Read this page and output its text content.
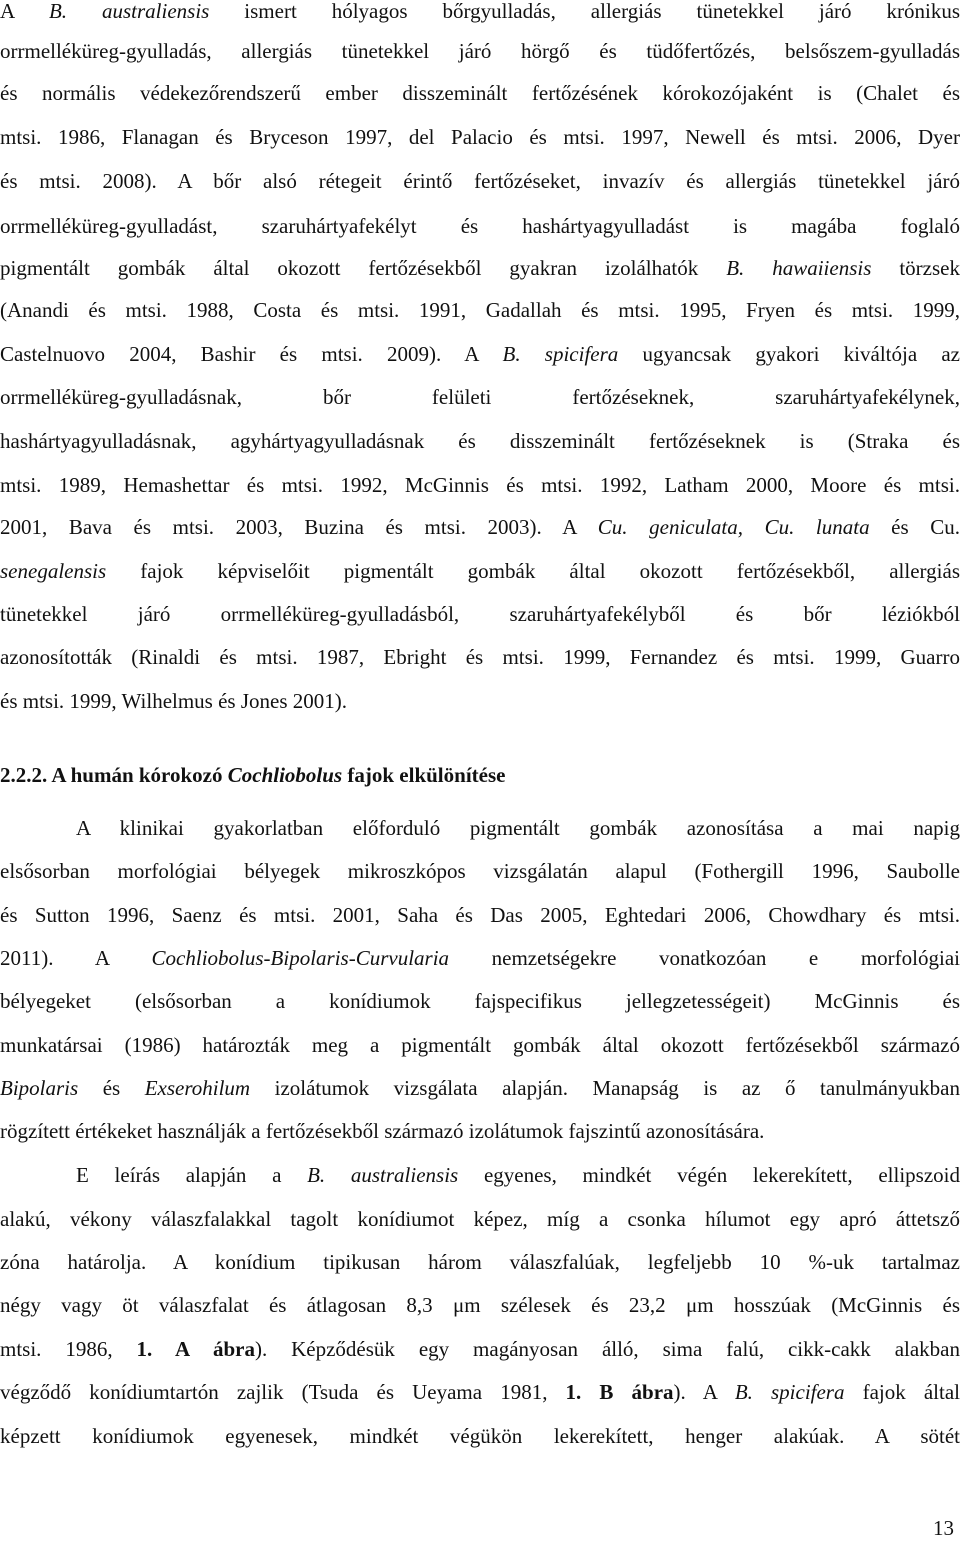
A B. australiensis ismert hólyagos bőrgyulladás, allergiás tünetekkel járó krónikus
orrmelléküreg-gyulladás, allergiás tünetekkel járó hörgő és tüdőfertőzés, belsőszem-gyulladás
és normális védekezőrendszerű ember disszeminált fertőzésének kórokozójaként is (Chalet és
mtsi. 1986, Flanagan és Bryceson 1997, del Palacio és mtsi. 1997, Newell és mtsi. 2006, Dyer
és mtsi. 2008). A bőr alsó rétegeit érintő fertőzéseket, invazív és allergiás tünetekkel járó
orrmelléküreg-gyulladást, szaruhártyafekélyt és hashártyagyulladást is magába foglaló
pigmentált gombák által okozott fertőzésekből gyakran izolálhatók B. hawaiiensis törzsek
(Anandi és mtsi. 1988, Costa és mtsi. 1991, Gadallah és mtsi. 1995, Fryen és mtsi. 1999,
Castelnuovo 2004, Bashir és mtsi. 2009). A B. spicifera ugyancsak gyakori kiváltója az
orrmelléküreg-gyulladásnak, bőr felületi fertőzéseknek, szaruhártyafekélynek,
hashártyagyulladásnak, agyhártyagyulladásnak és disszeminált fertőzéseknek is (Straka és
mtsi. 1989, Hemashettar és mtsi. 1992, McGinnis és mtsi. 1992, Latham 2000, Moore és mtsi.
2001, Bava és mtsi. 2003, Buzina és mtsi. 2003). A Cu. geniculata, Cu. lunata és Cu.
senegalensis fajok képviselőit pigmentált gombák által okozott fertőzésekből, allergiás
tünetekkel járó orrmelléküreg-gyulladásból, szaruhártyafekélyből és bőr léziókból
azonosították (Rinaldi és mtsi. 1987, Ebright és mtsi. 1999, Fernandez és mtsi. 1999, Guarro
és mtsi. 1999, Wilhelmus és Jones 2001).
2.2.2. A humán kórokozó Cochliobolus fajok elkülönítése
A klinikai gyakorlatban előforduló pigmentált gombák azonosítása a mai napig
elsősorban morfológiai bélyegek mikroszkópos vizsgálatán alapul (Fothergill 1996, Saubolle
és Sutton 1996, Saenz és mtsi. 2001, Saha és Das 2005, Eghtedari 2006, Chowdhary és mtsi.
2011). A Cochliobolus-Bipolaris-Curvularia nemzetségekre vonatkozóan e morfológiai
bélyegeket (elsősorban a konídiumok fajspecifikus jellegzetességeit) McGinnis és
munkatársai (1986) határozták meg a pigmentált gombák által okozott fertőzésekből származó
Bipolaris és Exserohilum izolátumok vizsgálata alapján. Manapság is az ő tanulmányukban
rögzített értékeket használják a fertőzésekből származó izolátumok fajszintű azonosítására.
E leírás alapján a B. australiensis egyenes, mindkét végén lekerekített, ellipszoid
alakú, vékony válaszfalakkal tagolt konídiumot képez, míg a csonka hílumot egy apró áttetsző
zóna határolja. A konídium tipikusan három válaszfalúak, legfeljebb 10 %-uk tartalmaz
négy vagy öt válaszfalat és átlagosan 8,3 μm szélesek és 23,2 μm hosszúak (McGinnis és
mtsi. 1986, 1. A ábra). Képződésük egy magányosan álló, sima falú, cikk-cakk alakban
végződő konídiumtartón zajlik (Tsuda és Ueyama 1981, 1. B ábra). A B. spicifera fajok által
képzett konídiumok egyenesek, mindkét végükön lekerekített, henger alakúak. A sötét
13
